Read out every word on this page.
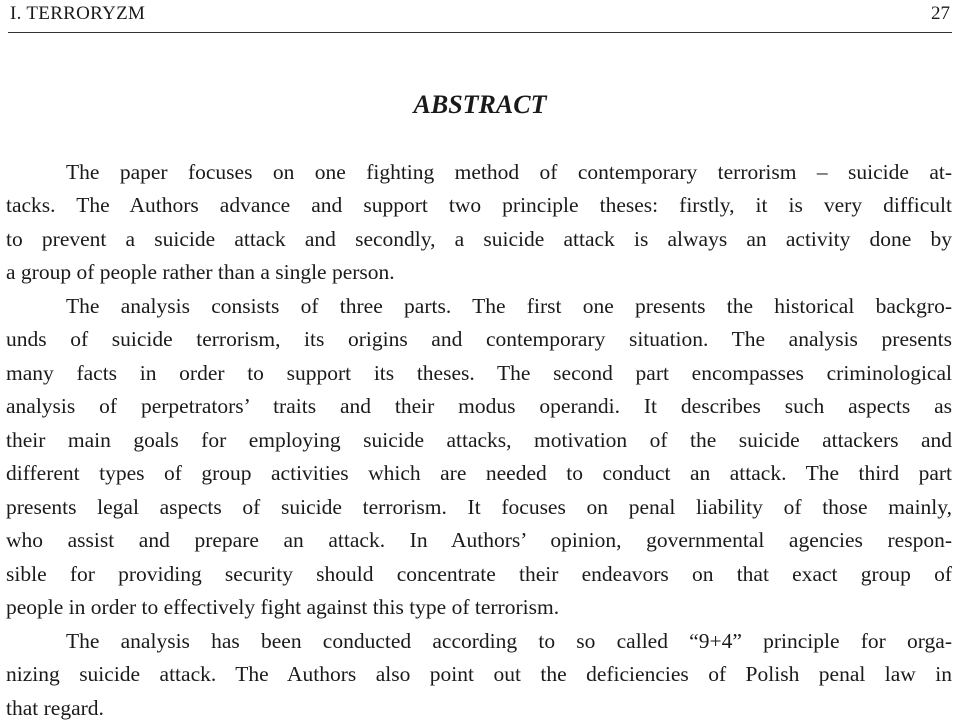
I. TERRORYZM	27
ABSTRACT
The paper focuses on one fighting method of contemporary terrorism – suicide at-
tacks. The Authors advance and support two principle theses: firstly, it is very difficult
to prevent a suicide attack and secondly, a suicide attack is always an activity done by
a group of people rather than a single person.
The analysis consists of three parts. The first one presents the historical backgro-
unds of suicide terrorism, its origins and contemporary situation. The analysis presents
many facts in order to support its theses. The second part encompasses criminological
analysis of perpetrators’ traits and their modus operandi. It describes such aspects as
their main goals for employing suicide attacks, motivation of the suicide attackers and
different types of group activities which are needed to conduct an attack. The third part
presents legal aspects of suicide terrorism. It focuses on penal liability of those mainly,
who assist and prepare an attack. In Authors’ opinion, governmental agencies respon-
sible for providing security should concentrate their endeavors on that exact group of
people in order to effectively fight against this type of terrorism.
The analysis has been conducted according to so called “9+4” principle for orga-
nizing suicide attack. The Authors also point out the deficiencies of Polish penal law in
that regard.
